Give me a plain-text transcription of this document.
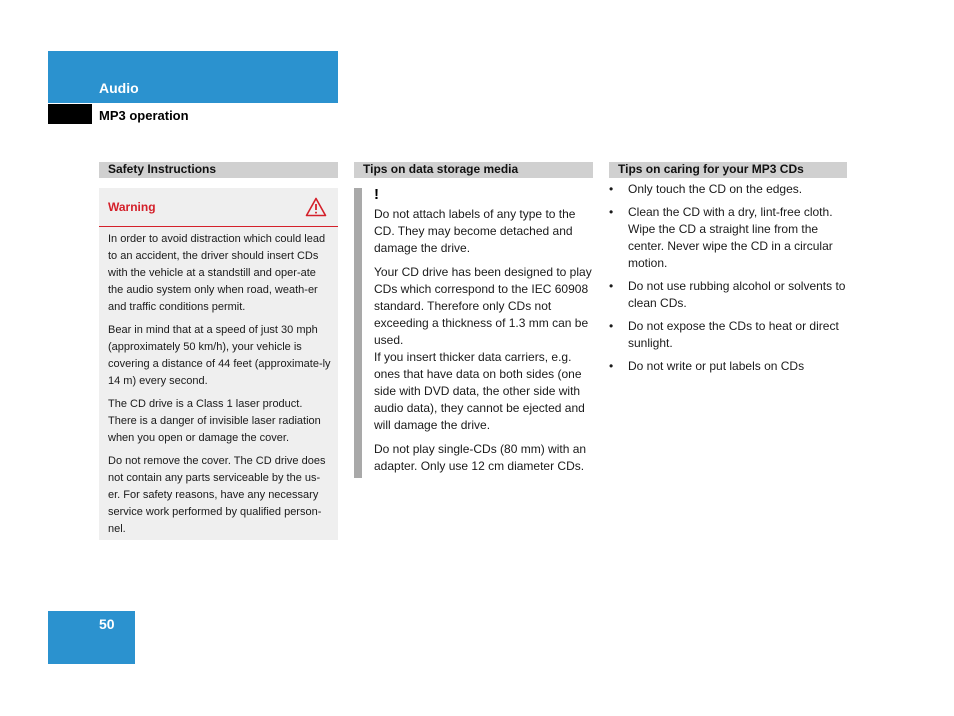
Audio
MP3 operation
Safety Instructions	Tips on data storage media	Tips on caring for your MP3 CDs
Warning

In order to avoid distraction which could lead to an accident, the driver should insert CDs with the vehicle at a standstill and oper-ate the audio system only when road, weath-er and traffic conditions permit.

Bear in mind that at a speed of just 30 mph (approximately 50 km/h), your vehicle is covering a distance of 44 feet (approximate-ly 14 m) every second.

The CD drive is a Class 1 laser product. There is a danger of invisible laser radiation when you open or damage the cover.

Do not remove the cover. The CD drive does not contain any parts serviceable by the us-er. For safety reasons, have any necessary service work performed by qualified person-nel.

!

Do not attach labels of any type to the CD. They may become detached and damage the drive.

Your CD drive has been designed to play CDs which correspond to the IEC 60908 standard. Therefore only CDs not exceeding a thickness of 1.3 mm can be used.

If you insert thicker data carriers, e.g. ones that have data on both sides (one side with DVD data, the other side with audio data), they cannot be ejected and will damage the drive.

Do not play single-CDs (80 mm) with an adapter. Only use 12 cm diameter CDs.

• Only touch the CD on the edges.
• Clean the CD with a dry, lint-free cloth. Wipe the CD a straight line from the center. Never wipe the CD in a circular motion.
• Do not use rubbing alcohol or solvents to clean CDs.
• Do not expose the CDs to heat or direct sunlight.
• Do not write or put labels on CDs
50
